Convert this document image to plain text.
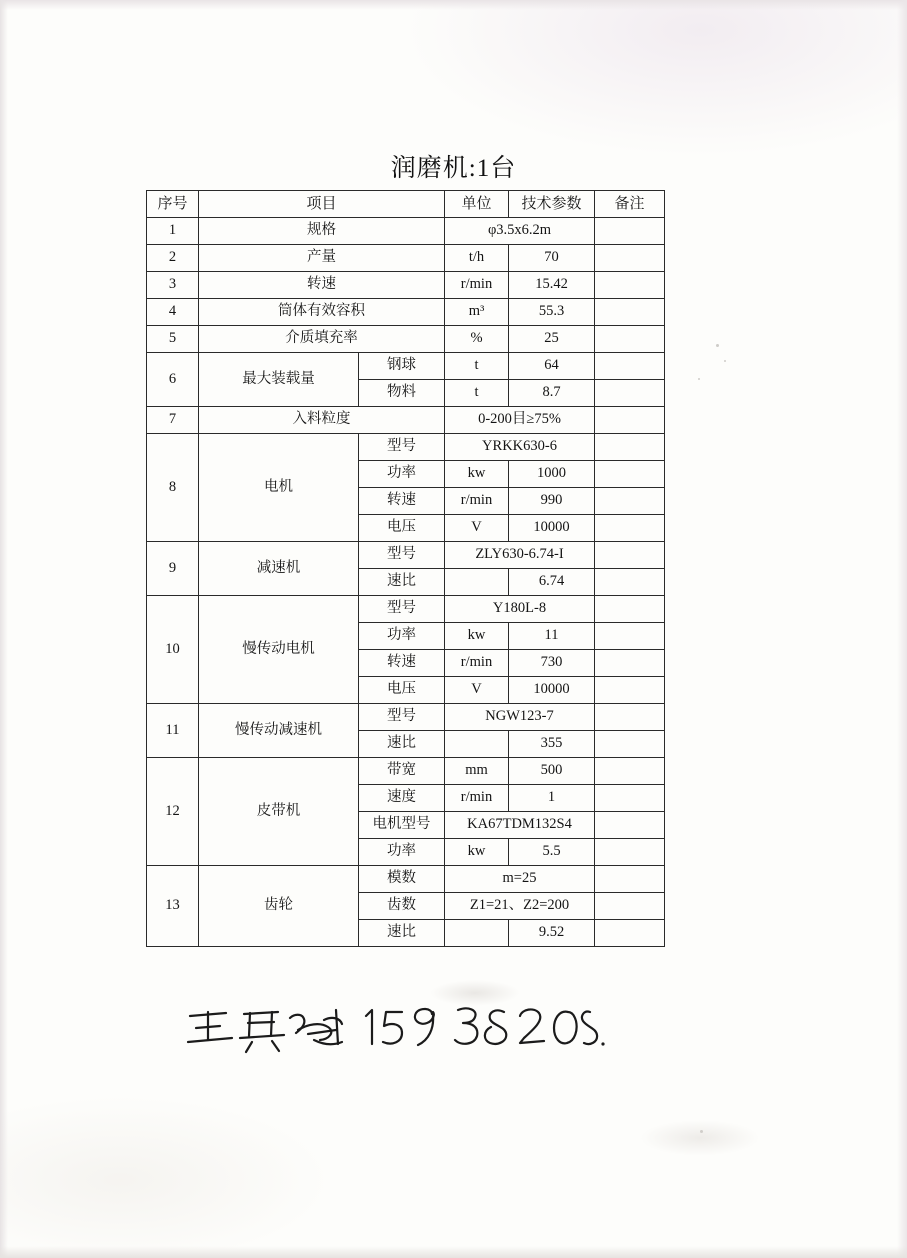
润磨机:1台
序号	项目		单位	技术参数	备注
1	规格		φ3.5x6.2m		
2	产量		t/h	70	
3	转速		r/min	15.42	
4	筒体有效容积		m³	55.3	
5	介质填充率		%	25	
6	最大装载量	钢球	t	64	
		物料	t	8.7	
7	入料粒度		0-200目≥75%		
8	电机	型号	YRKK630-6		
		功率	kw	1000	
		转速	r/min	990	
		电压	V	10000	
9	减速机	型号	ZLY630-6.74-I		
		速比		6.74	
10	慢传动电机	型号	Y180L-8		
		功率	kw	11	
		转速	r/min	730	
		电压	V	10000	
11	慢传动减速机	型号	NGW123-7		
		速比		355	
12	皮带机	带宽	mm	500	
		速度	r/min	1	
		电机型号	KA67TDM132S4		
		功率	kw	5.5	
13	齿轮	模数	m=25		
		齿数	Z1=21、Z2=200		
		速比		9.52	
